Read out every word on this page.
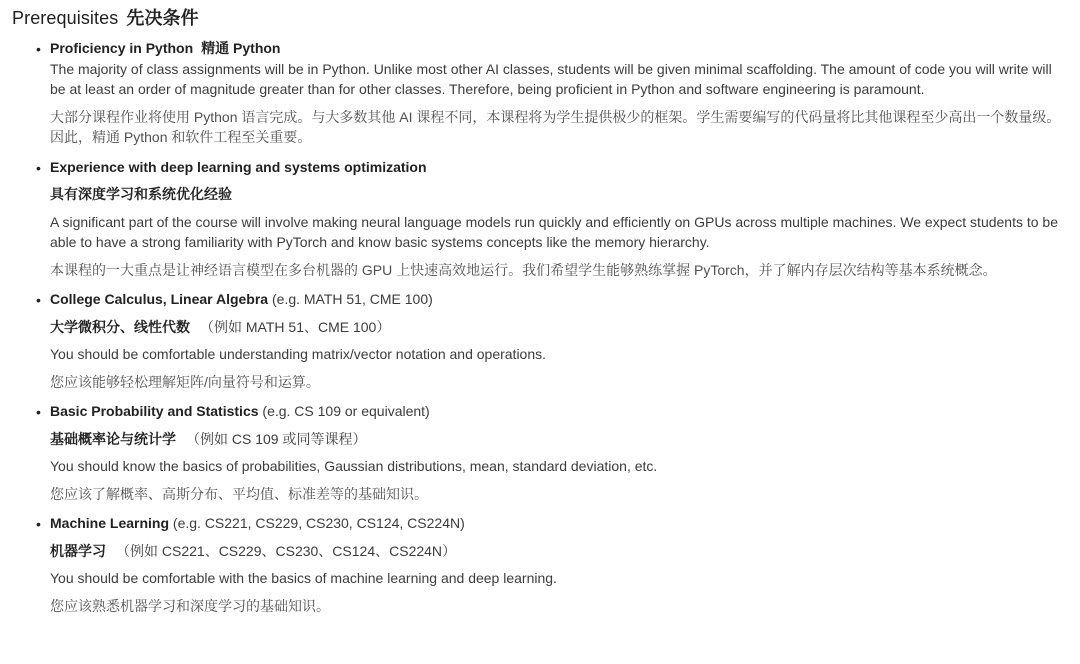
Prerequisites 先决条件
• Proficiency in Python 精通 Python

The majority of class assignments will be in Python. Unlike most other AI classes, students will be given minimal scaffolding. The amount of code you will write will be at least an order of magnitude greater than for other classes. Therefore, being proficient in Python and software engineering is paramount.

大部分课程作业将使用 Python 语言完成。与大多数其他 AI 课程不同，本课程将为学生提供极少的框架。学生需要编写的代码量将比其他课程至少高出一个数量级。因此，精通 Python 和软件工程至关重要。

• Experience with deep learning and systems optimization

具有深度学习和系统优化经验

A significant part of the course will involve making neural language models run quickly and efficiently on GPUs across multiple machines. We expect students to be able to have a strong familiarity with PyTorch and know basic systems concepts like the memory hierarchy.

本课程的一大重点是让神经语言模型在多台机器的 GPU 上快速高效地运行。我们希望学生能够熟练掌握 PyTorch，并了解内存层次结构等基本系统概念。

• College Calculus, Linear Algebra (e.g. MATH 51, CME 100)

大学微积分、线性代数 （例如 MATH 51、CME 100）

You should be comfortable understanding matrix/vector notation and operations.

您应该能够轻松理解矩阵/向量符号和运算。

• Basic Probability and Statistics (e.g. CS 109 or equivalent)

基础概率论与统计学 （例如 CS 109 或同等课程）

You should know the basics of probabilities, Gaussian distributions, mean, standard deviation, etc.

您应该了解概率、高斯分布、平均值、标准差等的基础知识。

• Machine Learning (e.g. CS221, CS229, CS230, CS124, CS224N)

机器学习 （例如 CS221、CS229、CS230、CS124、CS224N）

You should be comfortable with the basics of machine learning and deep learning.

您应该熟悉机器学习和深度学习的基础知识。
